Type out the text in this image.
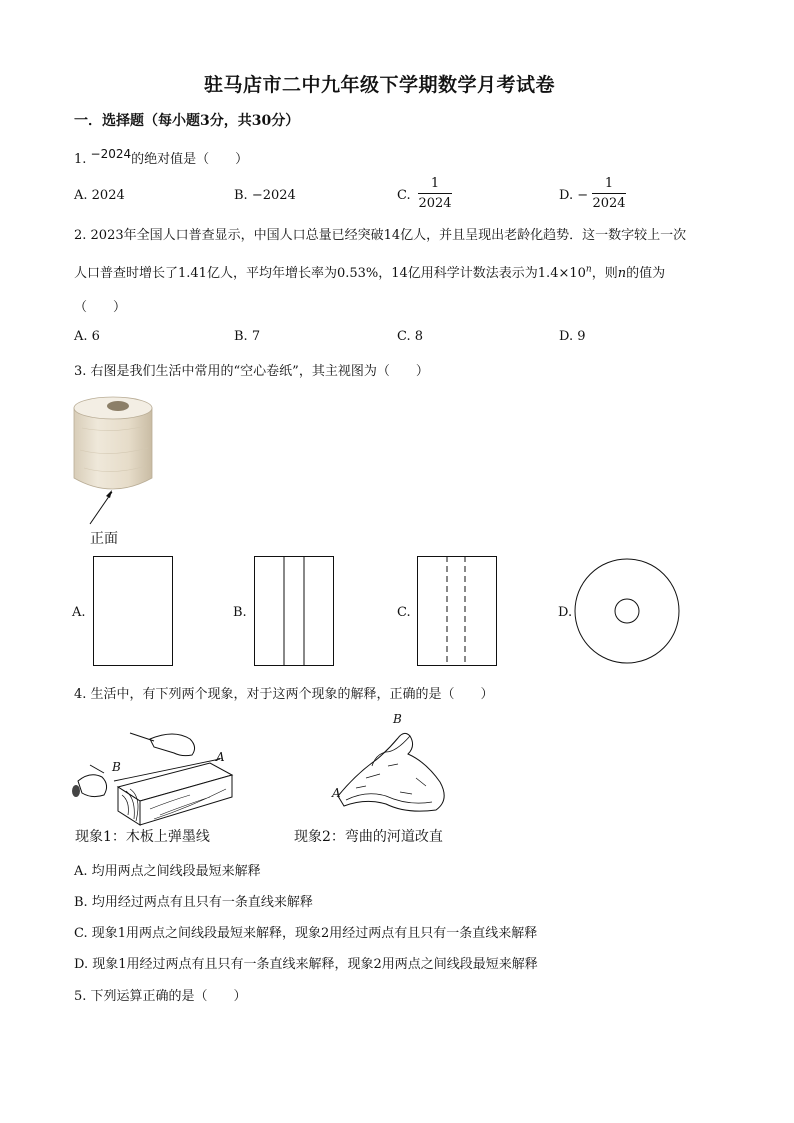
驻马店市二中九年级下学期数学月考试卷
一．选择题（每小题3分，共30分）
1. −2024的绝对值是（　　）
A. 2024	B. −2024	C.
1
2024
D. −
1
2024
2. 2023年全国人口普查显示，中国人口总量已经突破14亿人，并且呈现出老龄化趋势．这一数字较上一次
人口普查时增长了1.41亿人，平均年增长率为0.53%，14亿用科学计数法表示为$1.4\times 10^n$，则n的值为
（　　）
A. 6	B. 7	C. 8	D. 9
3. 右图是我们生活中常用的“空心卷纸”，其主视图为（　　）
正面
A.	B.	C.	D.
4. 生活中，有下列两个现象，对于这两个现象的解释，正确的是（　　）
B
A
B
A
现象1：木板上弹墨线	现象2：弯曲的河道改直
A. 均用两点之间线段最短来解释
B. 均用经过两点有且只有一条直线来解释
C. 现象1用两点之间线段最短来解释，现象2用经过两点有且只有一条直线来解释
D. 现象1用经过两点有且只有一条直线来解释，现象2用两点之间线段最短来解释
5. 下列运算正确的是（　　）
